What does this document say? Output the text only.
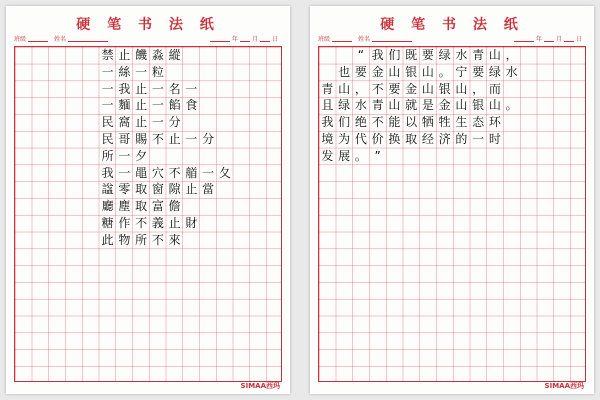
硬 笔 书 法 纸
班级	姓名	年 月 日
禁 止 饑 淼 縱
一 絲 一 粒
一 我 止 一 名 一
一 麵 止 一 餡 食
民 窩 止 一 分
民 哥 賜 不 止 一 分
所 一 夕
我 一 黽 穴 不 艏 一 夂
諡 零 取 窗 隙 止 當
廳 塵 取 富 儋
糖 作 不 義 止 財
此 物 所 不 來
SIMAA西玛
硬 笔 书 法 纸
班级	姓名	年 月 日
“ 我 们 既 要 绿 水 青 山 ，
也 要 金 山 银 山 。 宁 要 绿 水
青 山 ， 不 要 金 山 银 山 ， 而
且 绿 水 青 山 就 是 金 山 银 山 。
我 们 绝 不 能 以 牺 牲 生 态 环
境 为 代 价 换 取 经 济 的 一 时
发 展 。 ”
SIMAA西玛
